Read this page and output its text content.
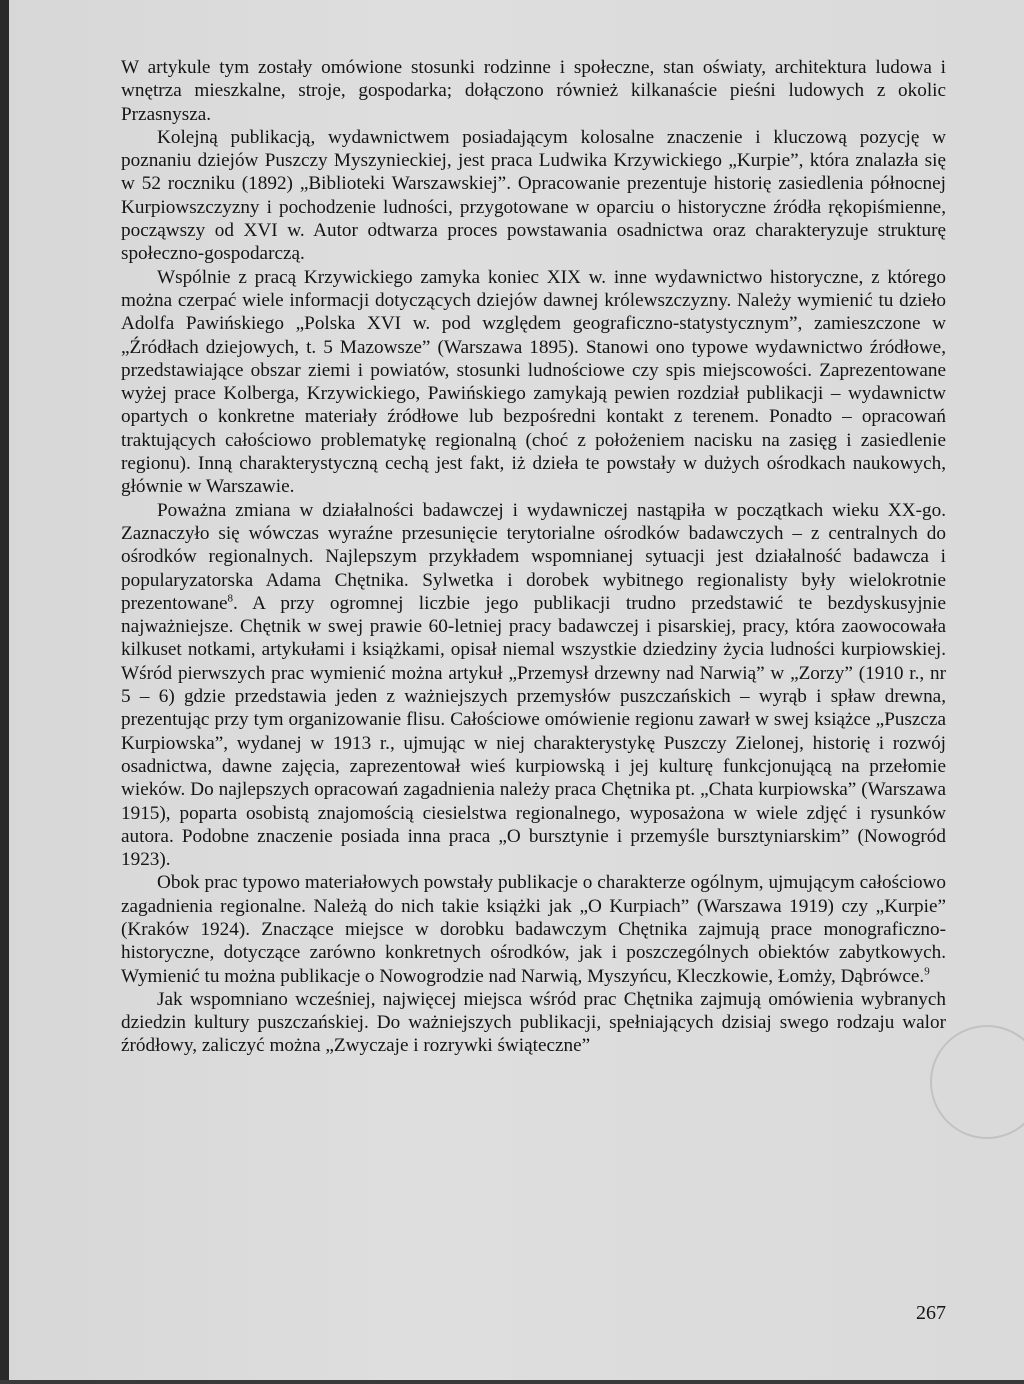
W artykule tym zostały omówione stosunki rodzinne i społeczne, stan oświaty, architektura ludowa i wnętrza mieszkalne, stroje, gospodarka; dołączono również kilkanaście pieśni ludowych z okolic Przasnysza.

Kolejną publikacją, wydawnictwem posiadającym kolosalne znaczenie i kluczową pozycję w poznaniu dziejów Puszczy Myszynieckiej, jest praca Ludwika Krzywickiego „Kurpie”, która znalazła się w 52 roczniku (1892) „Biblioteki Warszawskiej”. Opracowanie prezentuje historię zasiedlenia północnej Kurpiowszczyzny i pochodzenie ludności, przygotowane w oparciu o historyczne źródła rękopiśmienne, począwszy od XVI w. Autor odtwarza proces powstawania osadnictwa oraz charakteryzuje strukturę społeczno-gospodarczą.

Wspólnie z pracą Krzywickiego zamyka koniec XIX w. inne wydawnictwo historyczne, z którego można czerpać wiele informacji dotyczących dziejów dawnej królewszczyzny. Należy wymienić tu dzieło Adolfa Pawińskiego „Polska XVI w. pod względem geograficzno-statystycznym”, zamieszczone w „Źródłach dziejowych, t. 5 Mazowsze” (Warszawa 1895). Stanowi ono typowe wydawnictwo źródłowe, przedstawiające obszar ziemi i powiatów, stosunki ludnościowe czy spis miejscowości. Zaprezentowane wyżej prace Kolberga, Krzywickiego, Pawińskiego zamykają pewien rozdział publikacji – wydawnictw opartych o konkretne materiały źródłowe lub bezpośredni kontakt z terenem. Ponadto – opracowań traktujących całościowo problematykę regionalną (choć z położeniem nacisku na zasięg i zasiedlenie regionu). Inną charakterystyczną cechą jest fakt, iż dzieła te powstały w dużych ośrodkach naukowych, głównie w Warszawie.

Poważna zmiana w działalności badawczej i wydawniczej nastąpiła w początkach wieku XX-go. Zaznaczyło się wówczas wyraźne przesunięcie terytorialne ośrodków badawczych – z centralnych do ośrodków regionalnych. Najlepszym przykładem wspomnianej sytuacji jest działalność badawcza i popularyzatorska Adama Chętnika. Sylwetka i dorobek wybitnego regionalisty były wielokrotnie prezentowane$^8$. A przy ogromnej liczbie jego publikacji trudno przedstawić te bezdyskusyjnie najważniejsze. Chętnik w swej prawie 60-letniej pracy badawczej i pisarskiej, pracy, która zaowocowała kilkuset notkami, artykułami i książkami, opisał niemal wszystkie dziedziny życia ludności kurpiowskiej. Wśród pierwszych prac wymienić można artykuł „Przemysł drzewny nad Narwią” w „Zorzy” (1910 r., nr 5 – 6) gdzie przedstawia jeden z ważniejszych przemysłów puszczańskich – wyrąb i spław drewna, prezentując przy tym organizowanie flisu. Całościowe omówienie regionu zawarł w swej książce „Puszcza Kurpiowska”, wydanej w 1913 r., ujmując w niej charakterystykę Puszczy Zielonej, historię i rozwój osadnictwa, dawne zajęcia, zaprezentował wieś kurpiowską i jej kulturę funkcjonującą na przełomie wieków. Do najlepszych opracowań zagadnienia należy praca Chętnika pt. „Chata kurpiowska” (Warszawa 1915), poparta osobistą znajomością ciesielstwa regionalnego, wyposażona w wiele zdjęć i rysunków autora. Podobne znaczenie posiada inna praca „O bursztynie i przemyśle bursztyniarskim” (Nowogród 1923).

Obok prac typowo materiałowych powstały publikacje o charakterze ogólnym, ujmującym całościowo zagadnienia regionalne. Należą do nich takie książki jak „O Kurpiach” (Warszawa 1919) czy „Kurpie” (Kraków 1924). Znaczące miejsce w dorobku badawczym Chętnika zajmują prace monograficzno-historyczne, dotyczące zarówno konkretnych ośrodków, jak i poszczególnych obiektów zabytkowych. Wymienić tu można publikacje o Nowogrodzie nad Narwią, Myszyńcu, Kleczkowie, Łomży, Dąbrówce.$^9$

Jak wspomniano wcześniej, najwięcej miejsca wśród prac Chętnika zajmują omówienia wybranych dziedzin kultury puszczańskiej. Do ważniejszych publikacji, spełniających dzisiaj swego rodzaju walor źródłowy, zaliczyć można „Zwyczaje i rozrywki świąteczne”

267
